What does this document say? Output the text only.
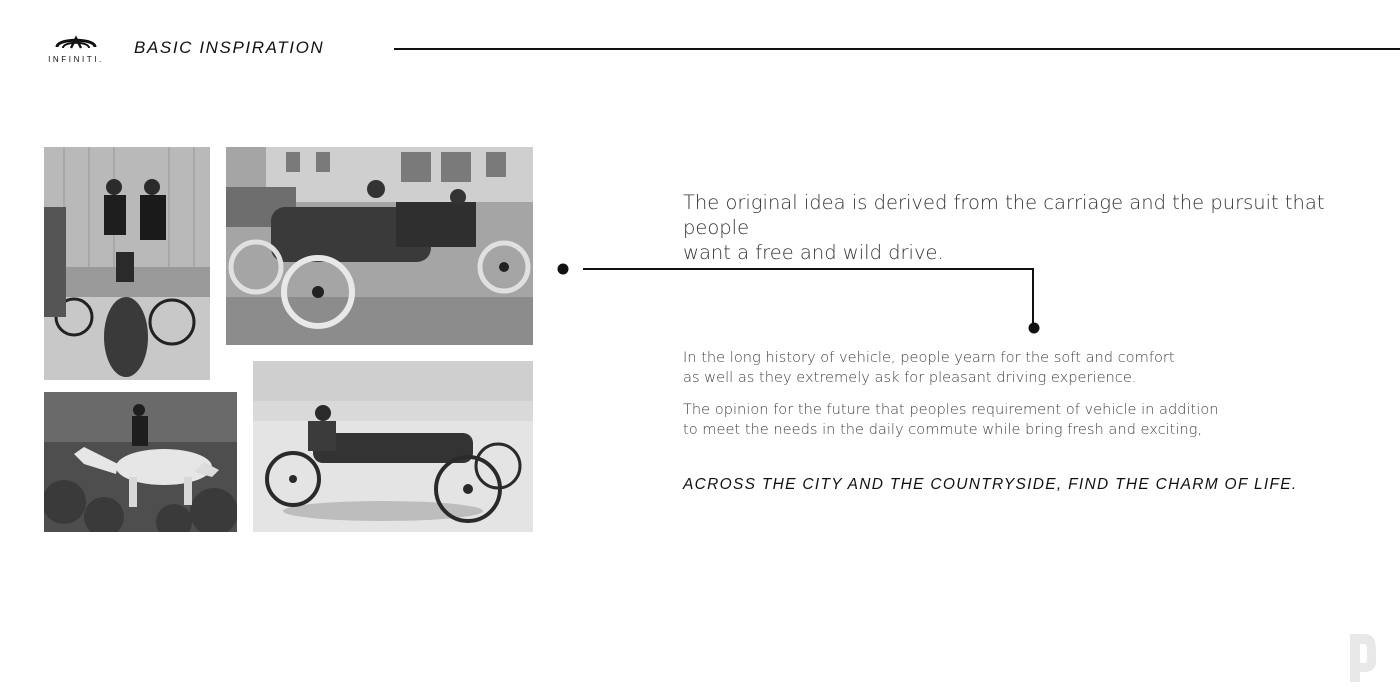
INFINITI.
BASIC INSPIRATION
The original idea is derived from the carriage and the pursuit that people
want a free and wild drive.
In the long history of vehicle, people yearn for the soft and comfort
as well as they extremely ask for pleasant driving experience.
The opinion for the future that peoples requirement of vehicle in addition
to meet the needs in the daily commute while bring fresh and exciting,
ACROSS THE CITY AND THE COUNTRYSIDE, FIND THE CHARM OF LIFE.
